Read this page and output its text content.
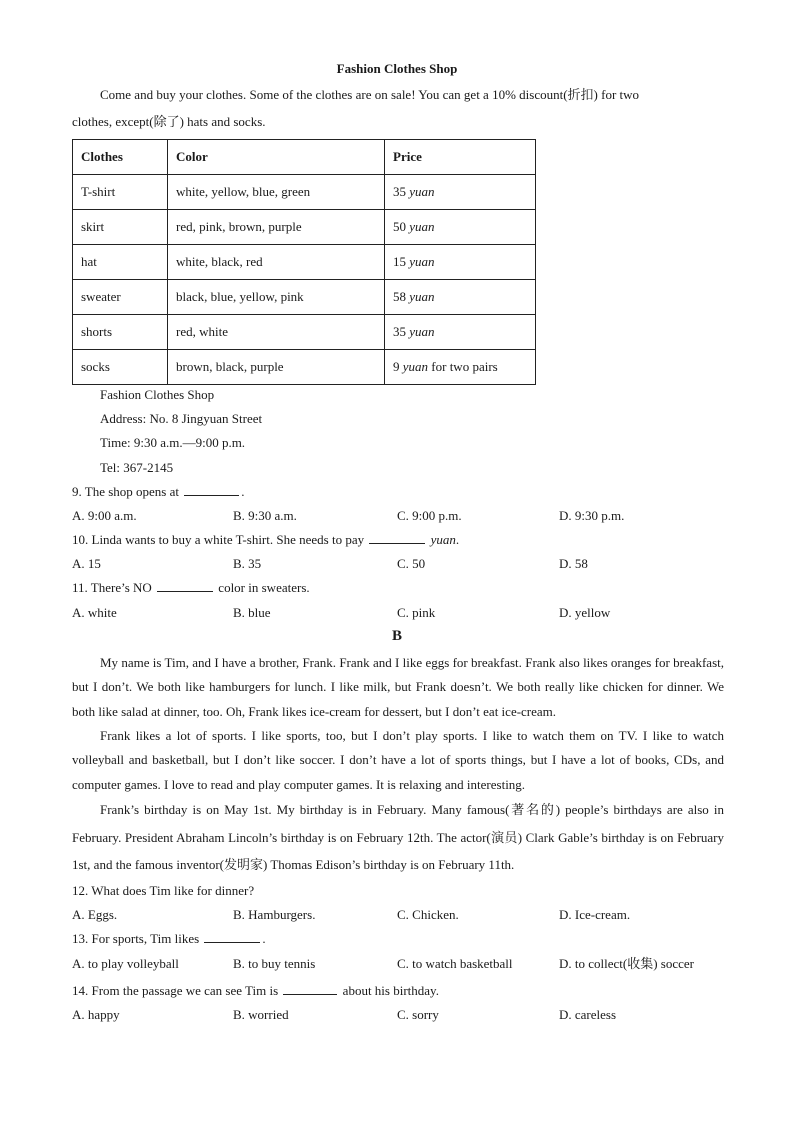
Fashion Clothes Shop
Come and buy your clothes. Some of the clothes are on sale! You can get a 10% discount(折扣) for two
clothes, except(除了) hats and socks.
Clothes	Color	Price
T-shirt	white, yellow, blue, green	35 yuan
skirt	red, pink, brown, purple	50 yuan
hat	white, black, red	15 yuan
sweater	black, blue, yellow, pink	58 yuan
shorts	red, white	35 yuan
socks	brown, black, purple	9 yuan for two pairs
Fashion Clothes Shop
Address: No. 8 Jingyuan Street
Time: 9:30 a.m.—9:00 p.m.
Tel: 367-2145
9. The shop opens at	.
A. 9:00 a.m.	B. 9:30 a.m.	C. 9:00 p.m.	D. 9:30 p.m.
10. Linda wants to buy a white T-shirt. She needs to pay	yuan.
A. 15	B. 35	C. 50	D. 58
11. There’s NO	color in sweaters.
A. white	B. blue	C. pink	D. yellow
B
My name is Tim, and I have a brother, Frank. Frank and I like eggs for breakfast. Frank also likes oranges for breakfast, but I don’t. We both like hamburgers for lunch. I like milk, but Frank doesn’t. We both really like chicken for dinner. We both like salad at dinner, too. Oh, Frank likes ice-cream for dessert, but I don’t eat ice-cream.
Frank likes a lot of sports. I like sports, too, but I don’t play sports. I like to watch them on TV. I like to watch volleyball and basketball, but I don’t like soccer. I don’t have a lot of sports things, but I have a lot of books, CDs, and computer games. I love to read and play computer games. It is relaxing and interesting.
Frank’s birthday is on May 1st. My birthday is in February. Many famous(著名的) people’s birthdays are also in February. President Abraham Lincoln’s birthday is on February 12th. The actor(演员) Clark Gable’s birthday is on February 1st, and the famous inventor(发明家) Thomas Edison’s birthday is on February 11th.
12. What does Tim like for dinner?
A. Eggs.	B. Hamburgers.	C. Chicken.	D. Ice-cream.
13. For sports, Tim likes	.
A. to play volleyball	B. to buy tennis	C. to watch basketball	D. to collect(收集) soccer
14. From the passage we can see Tim is	about his birthday.
A. happy	B. worried	C. sorry	D. careless
